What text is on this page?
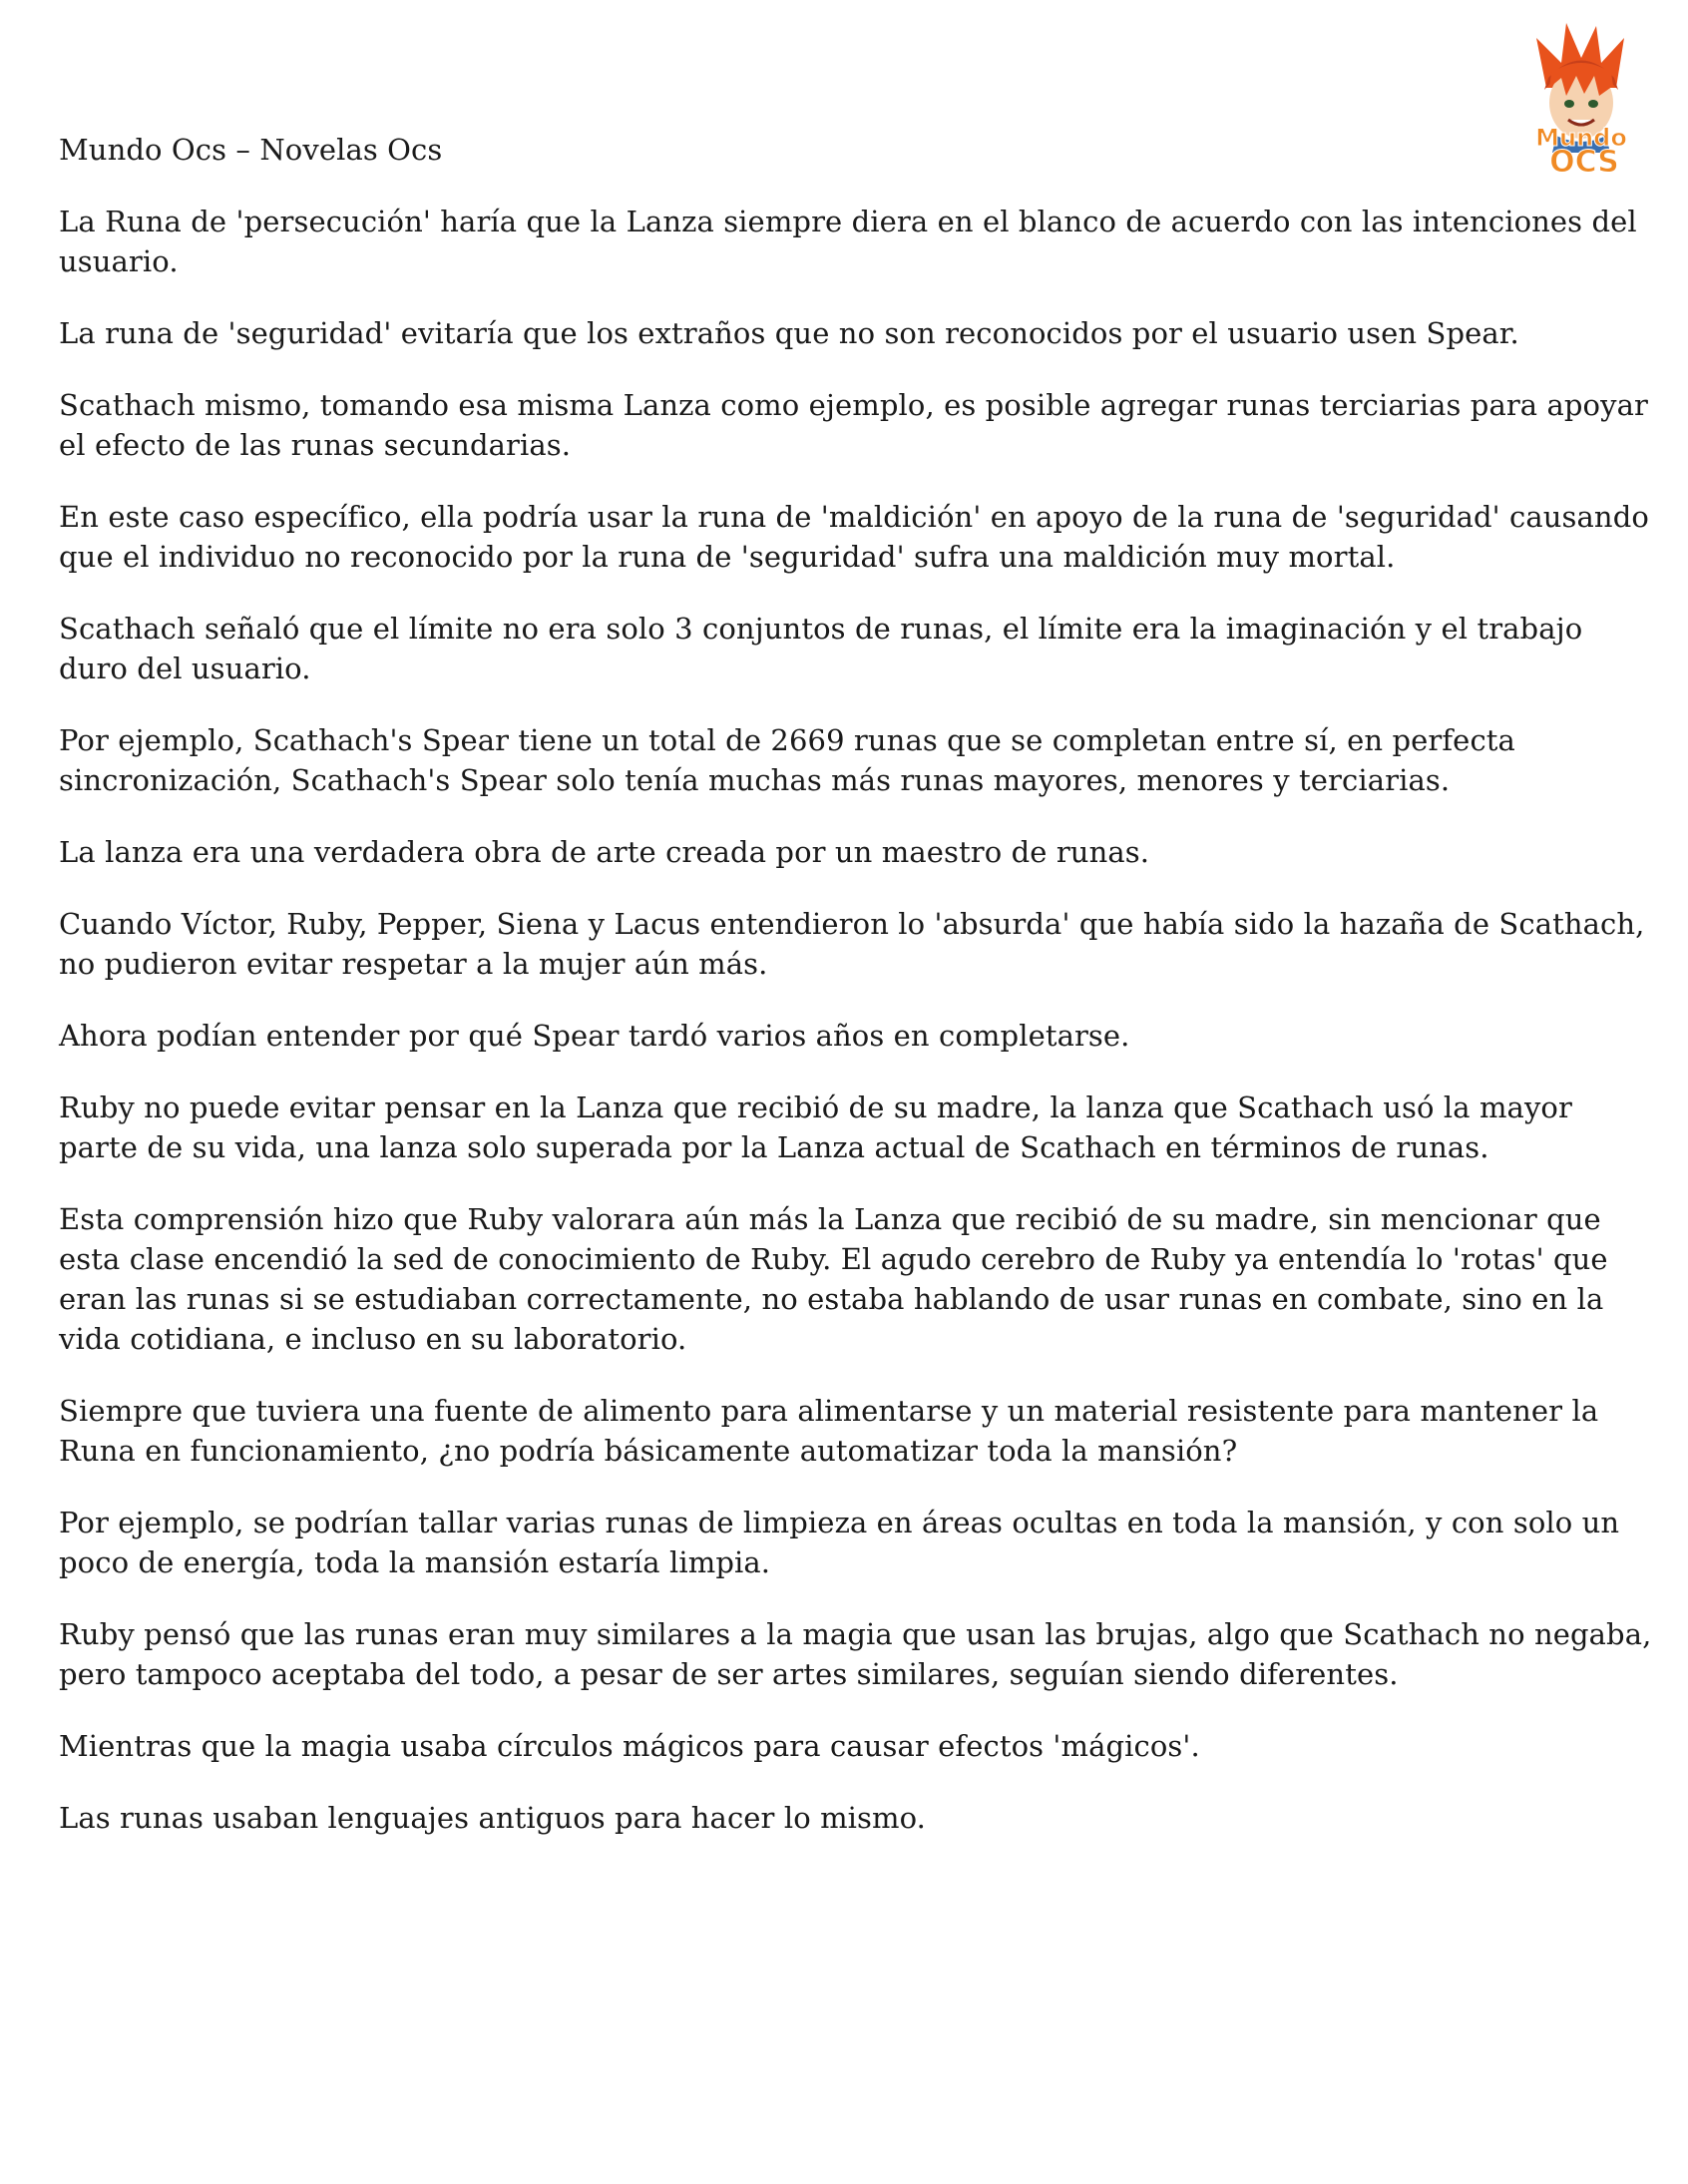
Mundo
OCS
Mundo Ocs – Novelas Ocs

La Runa de 'persecución' haría que la Lanza siempre diera en el blanco de acuerdo con las intenciones del usuario.

La runa de 'seguridad' evitaría que los extraños que no son reconocidos por el usuario usen Spear.

Scathach mismo, tomando esa misma Lanza como ejemplo, es posible agregar runas terciarias para apoyar el efecto de las runas secundarias.

En este caso específico, ella podría usar la runa de 'maldición' en apoyo de la runa de 'seguridad' causando que el individuo no reconocido por la runa de 'seguridad' sufra una maldición muy mortal.

Scathach señaló que el límite no era solo 3 conjuntos de runas, el límite era la imaginación y el trabajo duro del usuario.

Por ejemplo, Scathach's Spear tiene un total de 2669 runas que se completan entre sí, en perfecta sincronización, Scathach's Spear solo tenía muchas más runas mayores, menores y terciarias.

La lanza era una verdadera obra de arte creada por un maestro de runas.

Cuando Víctor, Ruby, Pepper, Siena y Lacus entendieron lo 'absurda' que había sido la hazaña de Scathach, no pudieron evitar respetar a la mujer aún más.

Ahora podían entender por qué Spear tardó varios años en completarse.

Ruby no puede evitar pensar en la Lanza que recibió de su madre, la lanza que Scathach usó la mayor parte de su vida, una lanza solo superada por la Lanza actual de Scathach en términos de runas.

Esta comprensión hizo que Ruby valorara aún más la Lanza que recibió de su madre, sin mencionar que esta clase encendió la sed de conocimiento de Ruby. El agudo cerebro de Ruby ya entendía lo 'rotas' que eran las runas si se estudiaban correctamente, no estaba hablando de usar runas en combate, sino en la vida cotidiana, e incluso en su laboratorio.

Siempre que tuviera una fuente de alimento para alimentarse y un material resistente para mantener la Runa en funcionamiento, ¿no podría básicamente automatizar toda la mansión?

Por ejemplo, se podrían tallar varias runas de limpieza en áreas ocultas en toda la mansión, y con solo un poco de energía, toda la mansión estaría limpia.

Ruby pensó que las runas eran muy similares a la magia que usan las brujas, algo que Scathach no negaba, pero tampoco aceptaba del todo, a pesar de ser artes similares, seguían siendo diferentes.

Mientras que la magia usaba círculos mágicos para causar efectos 'mágicos'.

Las runas usaban lenguajes antiguos para hacer lo mismo.
